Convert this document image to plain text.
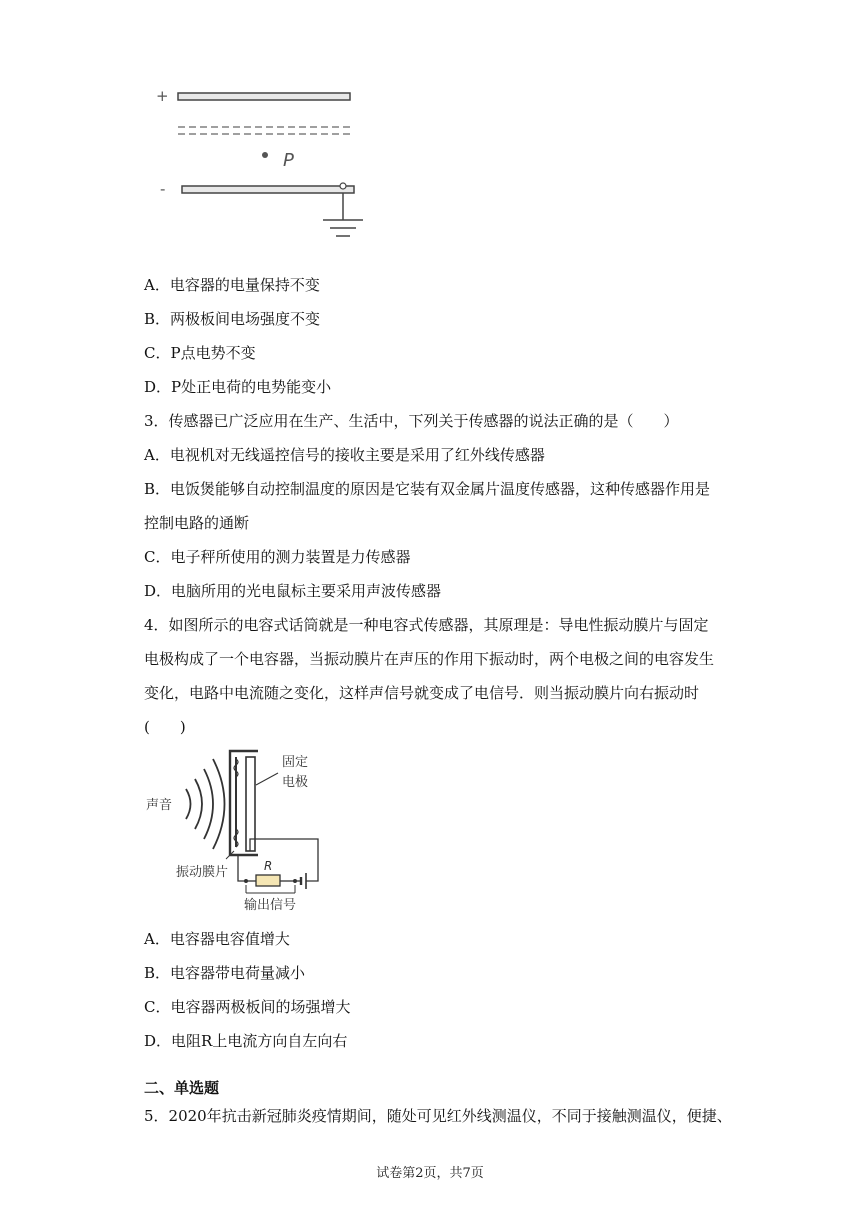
+
P
-
A．电容器的电量保持不变
B．两极板间电场强度不变
C．P点电势不变
D．P处正电荷的电势能变小
3．传感器已广泛应用在生产、生活中，下列关于传感器的说法正确的是（　　）
A．电视机对无线遥控信号的接收主要是采用了红外线传感器
B．电饭煲能够自动控制温度的原因是它装有双金属片温度传感器，这种传感器作用是
控制电路的通断
C．电子秤所使用的测力装置是力传感器
D．电脑所用的光电鼠标主要采用声波传感器
4．如图所示的电容式话筒就是一种电容式传感器，其原理是：导电性振动膜片与固定
电极构成了一个电容器，当振动膜片在声压的作用下振动时，两个电极之间的电容发生
变化，电路中电流随之变化，这样声信号就变成了电信号．则当振动膜片向右振动时
(　　)
声音
固定
电极
R
振动膜片
输出信号
A．电容器电容值增大
B．电容器带电荷量减小
C．电容器两极板间的场强增大
D．电阻R上电流方向自左向右
二、单选题
5．2020年抗击新冠肺炎疫情期间，随处可见红外线测温仪，不同于接触测温仪，便捷、
试卷第2页，共7页
